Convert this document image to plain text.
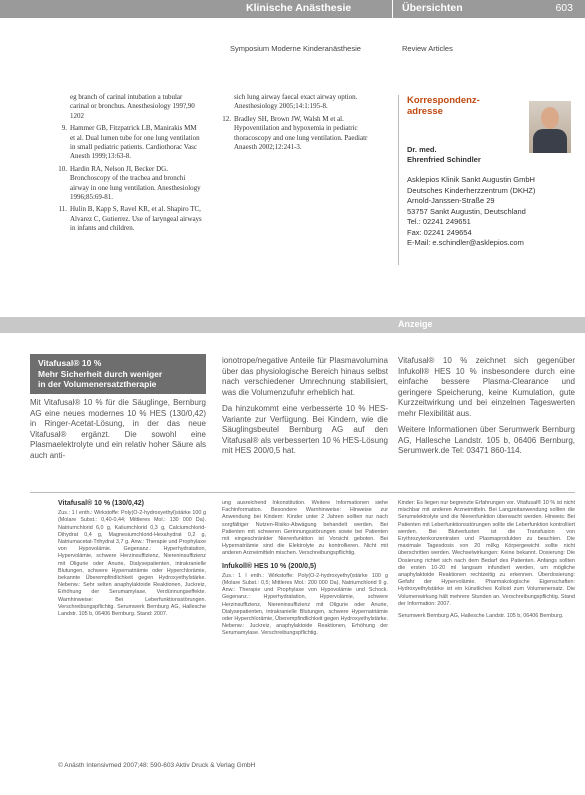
Klinische Anästhesie	Übersichten	603
Symposium Moderne Kinderanästhesie	Review Articles
eg branch of carinal intubation a tubular carinal or bronchus. Anesthesiology 199?,90 1202
9. Hammer GB, Fitzpatrick LB, Manirakis MM et al. Dual lumen tube for one lung ventilation in small pediatric patients. Cardiothorac Vasc Anesth 1999;13:63-8.
10. Hardin RA, Nelson JI, Becker DG. Bronchoscopy of the trachea and bronchi airway in one lung ventilation. Anesthesiology 1996;85:69-81.
11. Hulin B, Kapp S, Ravel KR, et al. Shapiro TC, Alvarez C, Gutierrez. Use of laryngeal airways in infants and children.
sich lung airway faecal exact airway option. Anesthesiology 2005;14:1:195-8.
12. Bradley SH, Brown JW, Walsh M et al. Hypoventilation and hypoxemia in pediatric thoracoscopy and one lung ventilation. Paediatr Anaesth 2002;12:241-3.
Korrespondenz-adresse
Dr. med.
Ehrenfried Schindler
Asklepios Klinik Sankt Augustin GmbH
Deutsches Kinderherzzentrum (DKHZ)
Arnold-Janssen-Straße 29
53757 Sankt Augustin, Deutschland
Tel.: 02241 249651
Fax: 02241 249654
E-Mail: e.schindler@asklepios.com
Anzeige
Vitafusal® 10 %
Mehr Sicherheit durch weniger
in der Volumenersatztherapie

Mit Vitafusal® 10 % für die Säuglinge, Bernburg AG eine neues modernes 10 % HES (130/0,42) in Ringer-Acetat-Lösung, in der das neue Vitafusal® ergänzt. Die sowohl eine Plasmaelektrolyte und ein relativ hoher Säure als auch anti-

ionotrope/negative Anteile für Plasmavolumina über das physiologische Bereich hinaus selbst nach verschiedener Umrechnung stabilisiert, was die Volumenzufuhr erheblich hat.

Da hinzukommt eine verbesserte 10 % HES-Variante zur Verfügung. Bei Kindern, wie die Säuglingsbeutel Bernburg AG auf den Vitafusal® als verbesserten 10 % HES-Lösung mit HES 200/0,5 hat.

Vitafusal® 10 % zeichnet sich gegenüber Infukoll® HES 10 % insbesondere durch eine einfache bessere Plasma-Clearance und geringere Speicherung, keine Kumulation, gute Kurzzeitwirkung und bei einzelnen Tageswerten mehr Flexibilität aus.

Weitere Informationen über Serumwerk Bernburg AG, Hallesche Landstr. 105 b, 06406 Bernburg, Serumwerk.de Tel: 03471 860-114.

Vitafusal® 10 % (130/0,42)

Zus.: 1 l enth.: Wirkstoffe: Poly(O-2-hydroxyethyl)stärke 100 g (Molare Subst.: 0,40-0,44; Mittleres Mol.: 130 000 Da). Natriumchlorid 6,0 g, Kaliumchlorid 0,3 g, Calciumchlorid-Dihydrat 0,4 g, Magnesiumchlorid-Hexahydrat 0,2 g, Natriumacetat-Trihydrat 3,7 g. Anw.: Therapie und Prophylaxe von Hypovolämie. Gegenanz.: Hyperhydratation, Hypervolämie, schwere Herzinsuffizienz, Niereninsuffizienz mit Oligurie oder Anurie, Dialysepatienten, intrakranielle Blutungen, schwere Hypernatriämie oder Hyperchlorämie, bekannte Überempfindlichkeit gegen Hydroxyethylstärke. Nebenw.: Sehr selten anaphylaktoide Reaktionen, Juckreiz, Erhöhung der Serumamylase, Verdünnungseffekte. Warnhinweise: Bei Leberfunktionsstörungen. Verschreibungspflichtig. Serumwerk Bernburg AG, Hallesche Landstr. 105 b, 06406 Bernburg. Stand: 2007.

ung ausreichend Inkonstitution. Weitere Informationen siehe Fachinformation. Besondere Warnhinweise: Hinweise zur Anwendung bei Kindern: Kinder unter 2 Jahren sollten nur nach sorgfältiger Nutzen-Risiko-Abwägung behandelt werden. Bei Patienten mit schweren Gerinnungsstörungen sowie bei Patienten mit eingeschränkter Nierenfunktion ist Vorsicht geboten. Bei Hypernatriämie sind die Elektrolyte zu kontrollieren. Nicht mit anderen Arzneimitteln mischen. Verschreibungspflichtig.

Infukoll® HES 10 % (200/0,5)

Zus.: 1 l enth.: Wirkstoffe: Poly(O-2-hydroxyethyl)stärke 100 g (Molare Subst.: 0,5; Mittleres Mol.: 200 000 Da), Natriumchlorid 9 g. Anw.: Therapie und Prophylaxe von Hypovolämie und Schock. Gegenanz.: Hyperhydratation, Hypervolämie, schwere Herzinsuffizienz, Niereninsuffizienz mit Oligurie oder Anurie, Dialysepatienten, intrakranielle Blutungen, schwere Hypernatriämie oder Hyperchlorämie, Überempfindlichkeit gegen Hydroxyethylstärke. Nebenw.: Juckreiz, anaphylaktoide Reaktionen, Erhöhung der Serumamylase. Verschreibungspflichtig.

Kinder: Es liegen nur begrenzte Erfahrungen vor. Vitafusal® 10 % ist nicht mischbar mit anderen Arzneimitteln. Bei Langzeitanwendung sollten die Serumelektrolyte und die Nierenfunktion überwacht werden. Hinweis: Bei Patienten mit Leberfunktionsstörungen sollte die Leberfunktion kontrolliert werden. Bei Blutverlusten ist die Transfusion von Erythrozytenkonzentraten und Plasmaprodukten zu beachten. Die maximale Tagesdosis von 20 ml/kg Körpergewicht sollte nicht überschritten werden. Wechselwirkungen: Keine bekannt. Dosierung: Die Dosierung richtet sich nach dem Bedarf des Patienten. Anfangs sollten die ersten 10-20 ml langsam infundiert werden, um mögliche anaphylaktoide Reaktionen rechtzeitig zu erkennen. Überdosierung: Gefahr der Hypervolämie. Pharmakologische Eigenschaften: Hydroxyethylstärke ist ein künstliches Kolloid zum Volumenersatz. Die Volumenwirkung hält mehrere Stunden an. Verschreibungspflichtig. Stand der Information: 2007.

Serumwerk Bernburg AG, Hallesche Landstr. 105 b, 06406 Bernburg.

© Anästh Intensivmed 2007;48: 590-603 Aktiv Druck & Verlag GmbH
